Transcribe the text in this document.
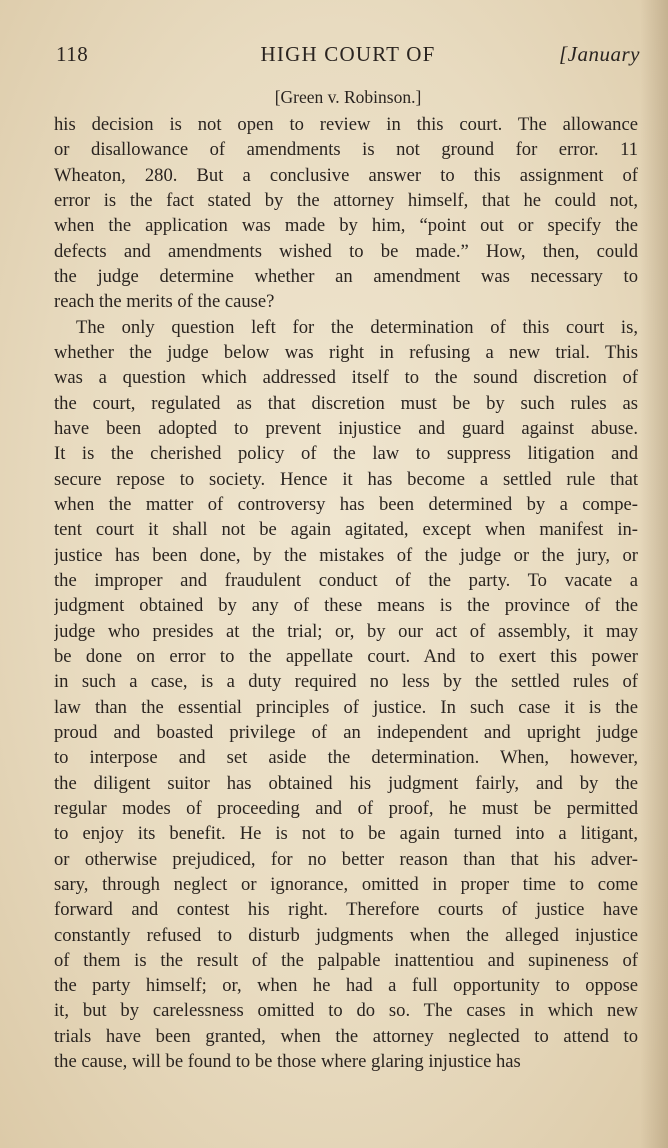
118	HIGH COURT OF	[January
[Green v. Robinson.]
his decision is not open to review in this court. The allowance
or disallowance of amendments is not ground for error. 11
Wheaton, 280. But a conclusive answer to this assignment of
error is the fact stated by the attorney himself, that he could not,
when the application was made by him, “point out or specify the
defects and amendments wished to be made.” How, then, could
the judge determine whether an amendment was necessary to
reach the merits of the cause?
The only question left for the determination of this court is,
whether the judge below was right in refusing a new trial. This
was a question which addressed itself to the sound discretion of
the court, regulated as that discretion must be by such rules as
have been adopted to prevent injustice and guard against abuse.
It is the cherished policy of the law to suppress litigation and
secure repose to society. Hence it has become a settled rule that
when the matter of controversy has been determined by a compe-
tent court it shall not be again agitated, except when manifest in-
justice has been done, by the mistakes of the judge or the jury, or
the improper and fraudulent conduct of the party. To vacate a
judgment obtained by any of these means is the province of the
judge who presides at the trial; or, by our act of assembly, it may
be done on error to the appellate court. And to exert this power
in such a case, is a duty required no less by the settled rules of
law than the essential principles of justice. In such case it is the
proud and boasted privilege of an independent and upright judge
to interpose and set aside the determination. When, however,
the diligent suitor has obtained his judgment fairly, and by the
regular modes of proceeding and of proof, he must be permitted
to enjoy its benefit. He is not to be again turned into a litigant,
or otherwise prejudiced, for no better reason than that his adver-
sary, through neglect or ignorance, omitted in proper time to come
forward and contest his right. Therefore courts of justice have
constantly refused to disturb judgments when the alleged injustice
of them is the result of the palpable inattentiou and supineness of
the party himself; or, when he had a full opportunity to oppose
it, but by carelessness omitted to do so. The cases in which new
trials have been granted, when the attorney neglected to attend to
the cause, will be found to be those where glaring injustice has
